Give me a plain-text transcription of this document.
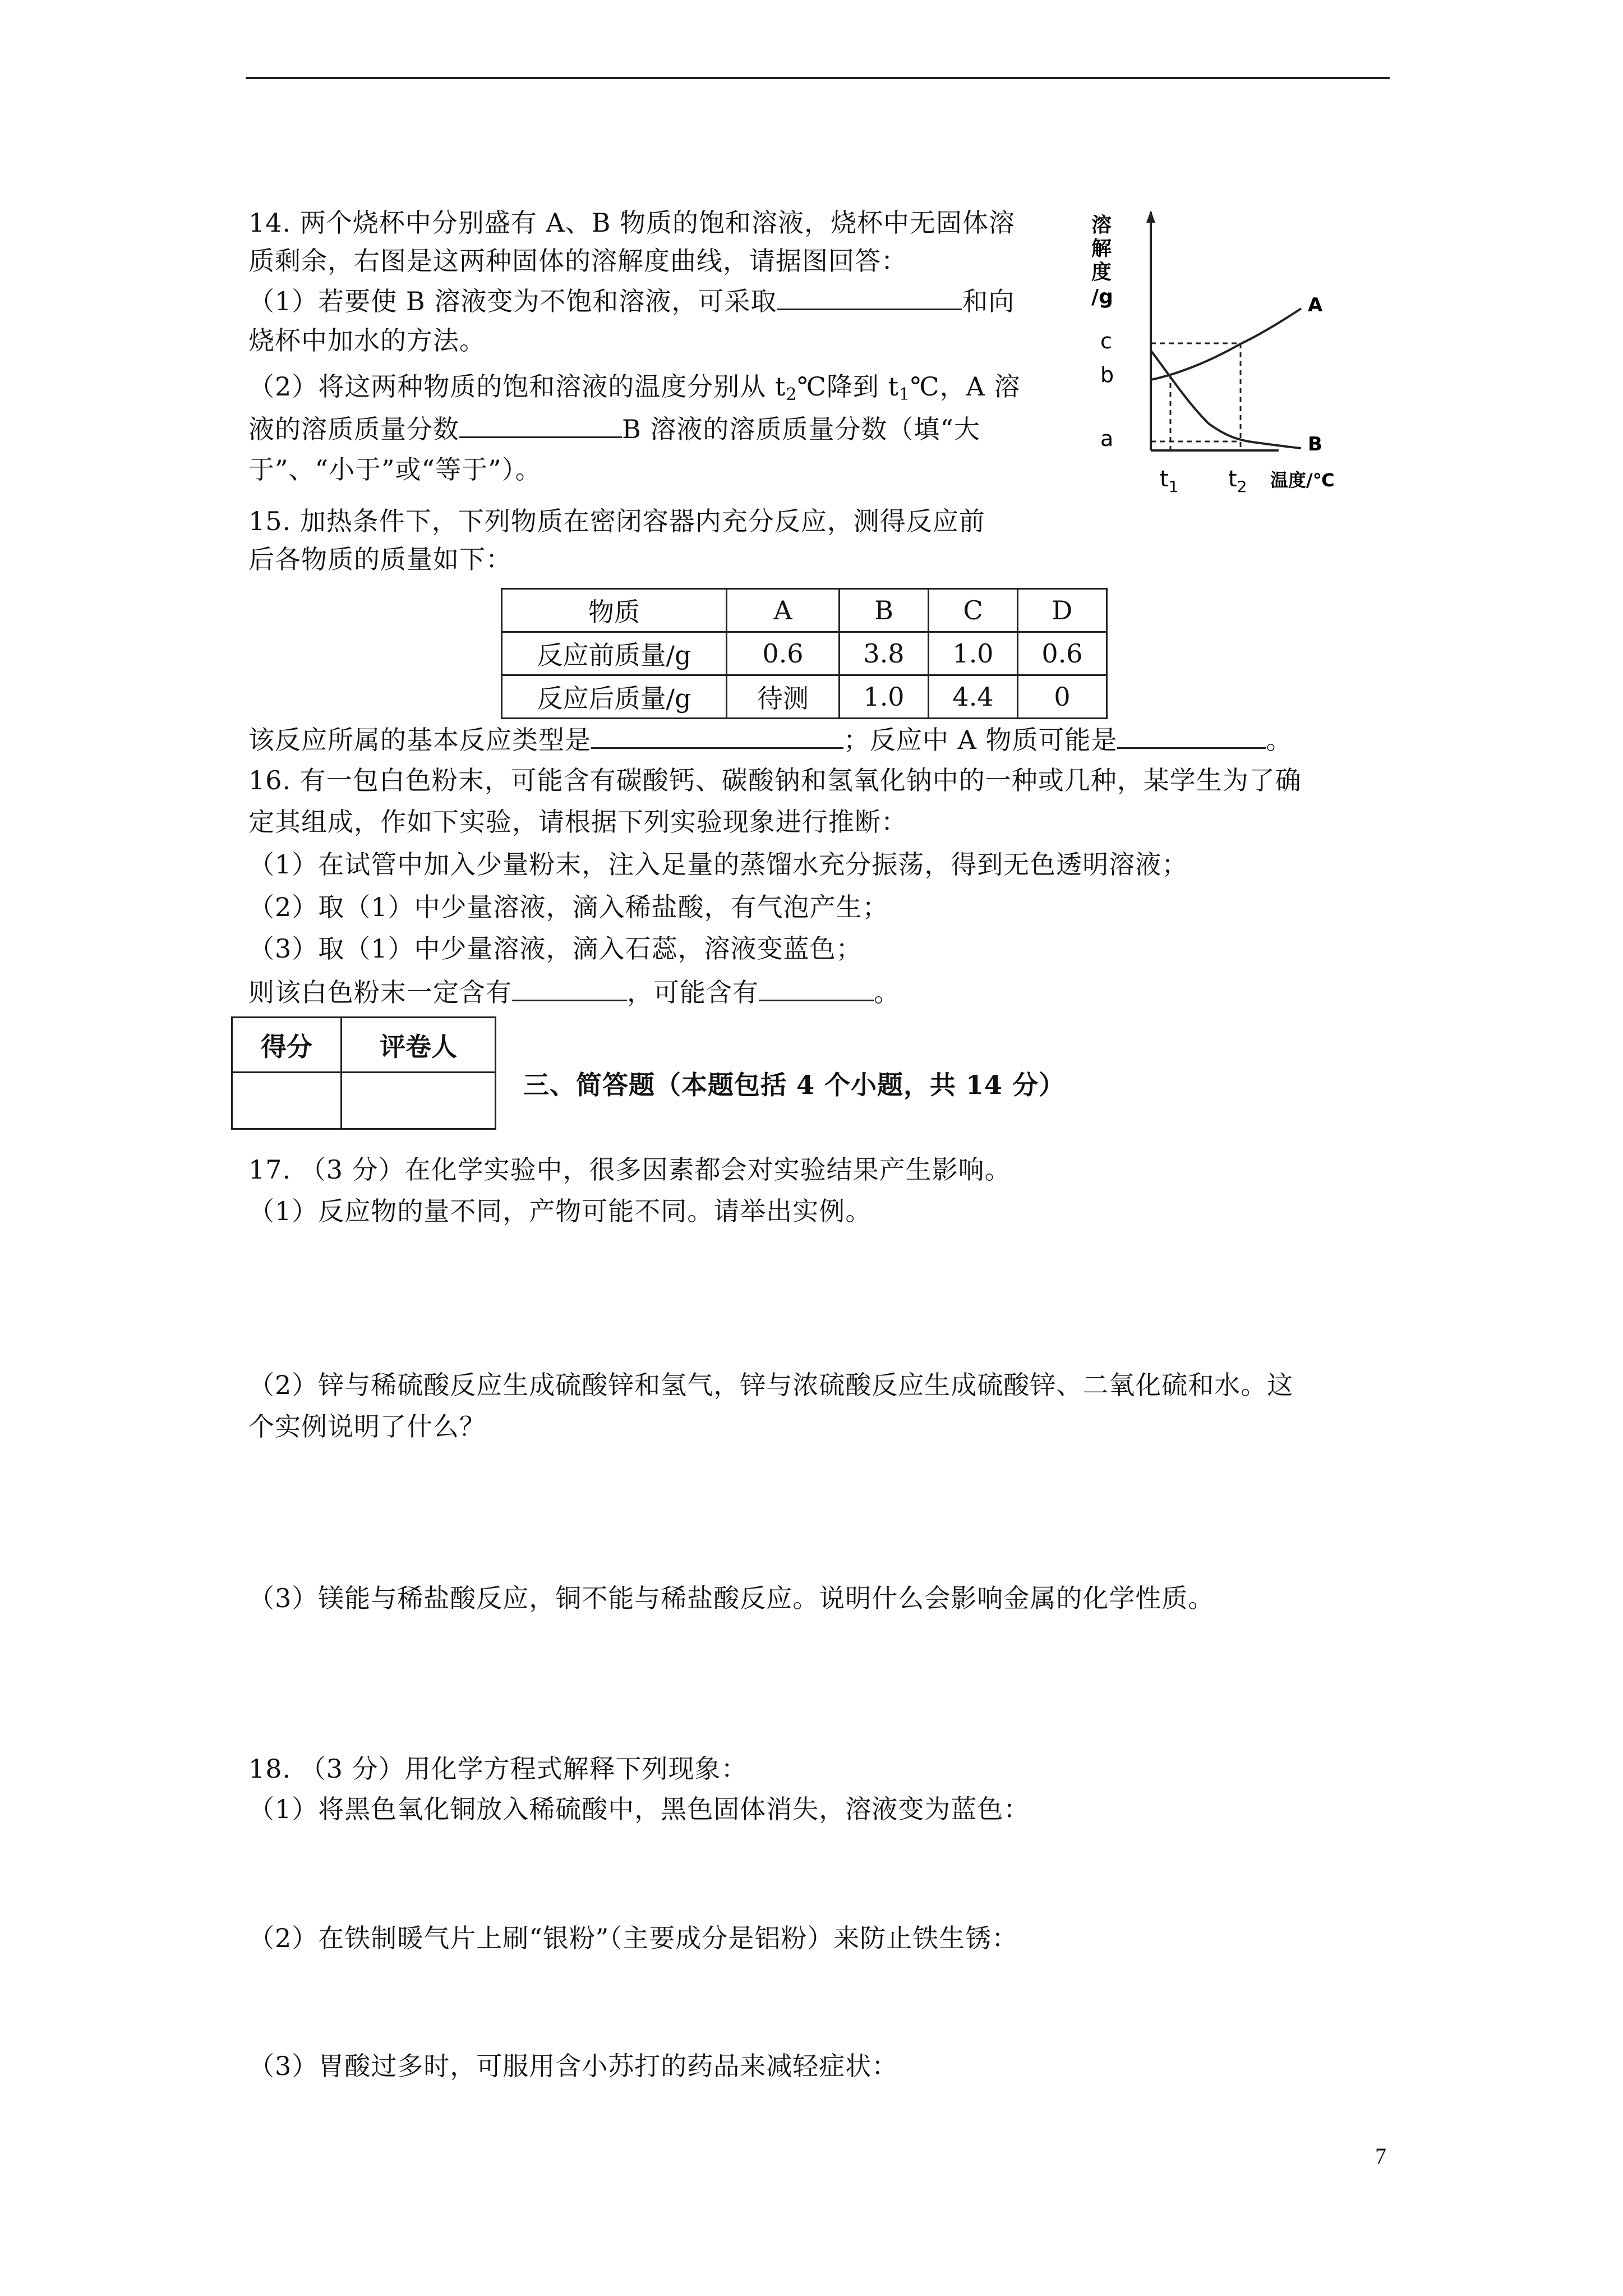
14. 两个烧杯中分别盛有 A、B 物质的饱和溶液，烧杯中无固体溶
质剩余，右图是这两种固体的溶解度曲线，请据图回答：
（1）若要使 B 溶液变为不饱和溶液，可采取	和向
烧杯中加水的方法。
（2）将这两种物质的饱和溶液的温度分别从 $t_2℃$降到 $t_1℃$，A 溶
液的溶质质量分数	B 溶液的溶质质量分数（填“大
于”、“小于”或“等于”）。
溶
解
度
/g
c
b
a
A
B
$t_1$ $t_2$ 温度/℃
15. 加热条件下，下列物质在密闭容器内充分反应，测得反应前
后各物质的质量如下：
物质	A	B	C	D
反应前质量/g	0.6	3.8	1.0	0.6
反应后质量/g	待测	1.0	4.4	0
该反应所属的基本反应类型是	；反应中 A 物质可能是	。
16. 有一包白色粉末，可能含有碳酸钙、碳酸钠和氢氧化钠中的一种或几种，某学生为了确
定其组成，作如下实验，请根据下列实验现象进行推断：
（1）在试管中加入少量粉末，注入足量的蒸馏水充分振荡，得到无色透明溶液；
（2）取（1）中少量溶液，滴入稀盐酸，有气泡产生；
（3）取（1）中少量溶液，滴入石蕊，溶液变蓝色；
则该白色粉末一定含有	，可能含有	。
得分	评卷人

三、简答题（本题包括 4 个小题，共 14 分）
17. （3 分）在化学实验中，很多因素都会对实验结果产生影响。
（1）反应物的量不同，产物可能不同。请举出实例。
（2）锌与稀硫酸反应生成硫酸锌和氢气，锌与浓硫酸反应生成硫酸锌、二氧化硫和水。这
个实例说明了什么？
（3）镁能与稀盐酸反应，铜不能与稀盐酸反应。说明什么会影响金属的化学性质。
18. （3 分）用化学方程式解释下列现象：
（1）将黑色氧化铜放入稀硫酸中，黑色固体消失，溶液变为蓝色：
（2）在铁制暖气片上刷“银粉”（主要成分是铝粉）来防止铁生锈：
（3）胃酸过多时，可服用含小苏打的药品来减轻症状：
7
